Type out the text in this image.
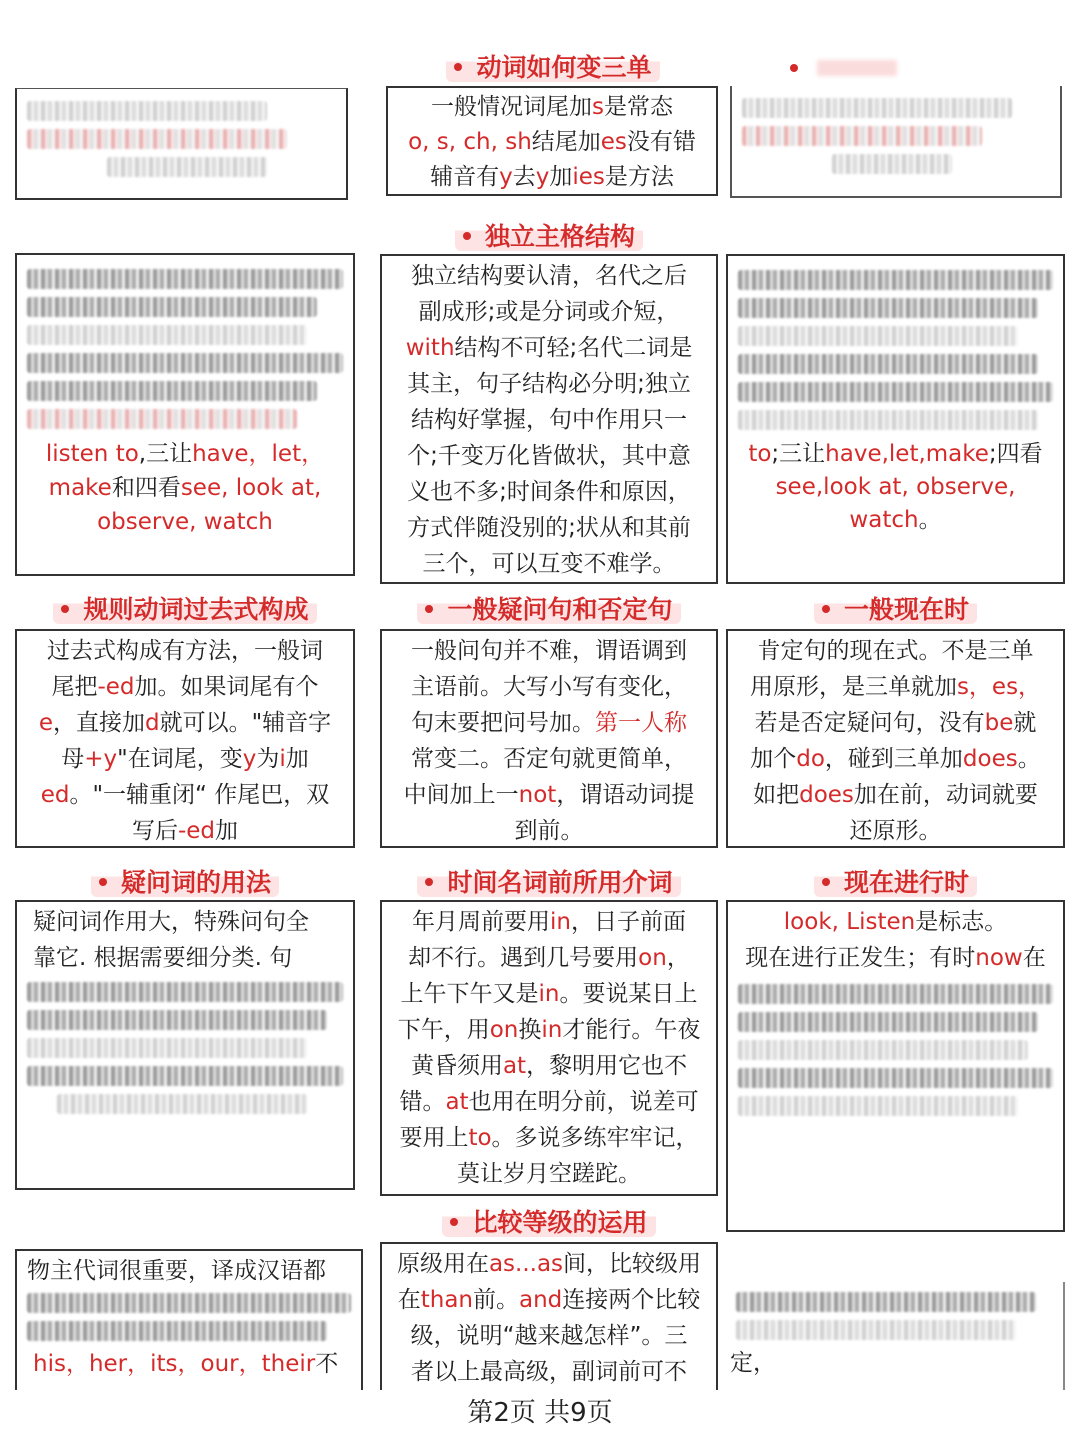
动词如何变三单
一般情况词尾加s是常态
o, s, ch, sh结尾加es没有错
辅音有y去y加ies是方法

listen to,三让have，let，
make和四看see, look at,
observe, watch
独立主格结构
独立结构要认清，名代之后
副成形;或是分词或介短，
with结构不可轻;名代二词是
其主，句子结构必分明;独立
结构好掌握，句中作用只一
个;千变万化皆做状，其中意
义也不多;时间条件和原因，
方式伴随没别的;状从和其前
三个，可以互变不难学。
to;三让have,let,make;四看
see,look at, observe,
watch。
规则动词过去式构成
过去式构成有方法，一般词
尾把-ed加。如果词尾有个
e，直接加d就可以。"辅音字
母+y"在词尾，变y为i加
ed。"一辅重闭“ 作尾巴，双
写后-ed加
一般疑问句和否定句
一般问句并不难，谓语调到
主语前。大写小写有变化，
句末要把问号加。第一人称
常变二。否定句就更简单，
中间加上一not，谓语动词提
到前。
一般现在时
肯定句的现在式。不是三单
用原形，是三单就加s，es，
若是否定疑问句，没有be就
加个do，碰到三单加does。
如把does加在前，动词就要
还原形。
疑问词的用法
疑问词作用大，特殊问句全
靠它. 根据需要细分类. 句
时间名词前所用介词
年月周前要用in，日子前面
却不行。遇到几号要用on，
上午下午又是in。要说某日上
下午，用on换in才能行。午夜
黄昏须用at，黎明用它也不
错。at也用在明分前，说差可
要用上to。多说多练牢牢记，
莫让岁月空蹉跎。
现在进行时
look, Listen是标志。
现在进行正发生；有时now在
物主代词很重要，译成汉语都
his，her，its，our，their不
比较等级的运用
原级用在as...as间，比较级用
在than前。and连接两个比较
级，说明“越来越怎样”。三
者以上最高级，副词前可不	定，
第2页 共9页
